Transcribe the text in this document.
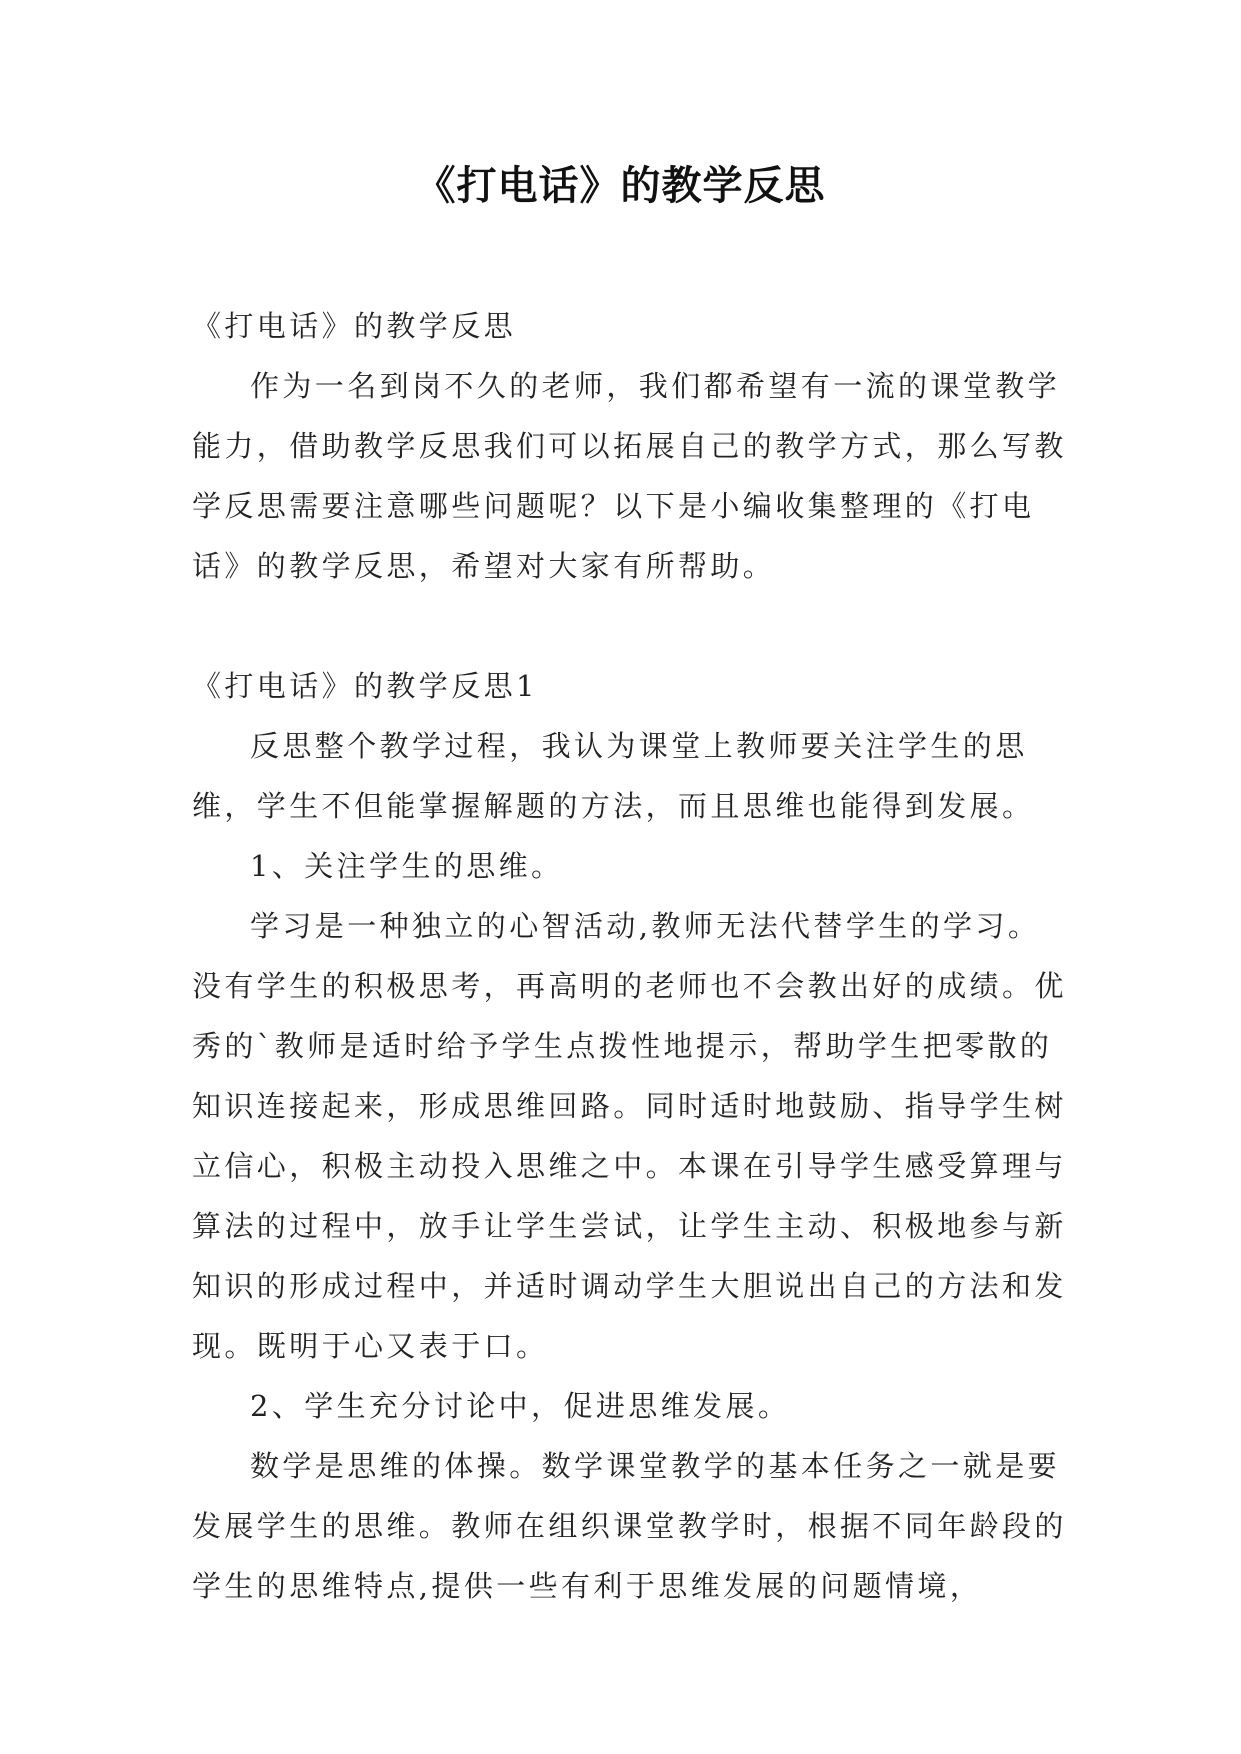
《打电话》的教学反思

《打电话》的教学反思

作为一名到岗不久的老师，我们都希望有一流的课堂教学能力，借助教学反思我们可以拓展自己的教学方式，那么写教学反思需要注意哪些问题呢？以下是小编收集整理的《打电话》的教学反思，希望对大家有所帮助。

《打电话》的教学反思1

反思整个教学过程，我认为课堂上教师要关注学生的思维，学生不但能掌握解题的方法，而且思维也能得到发展。

1、关注学生的思维。

学习是一种独立的心智活动,教师无法代替学生的学习。没有学生的积极思考，再高明的老师也不会教出好的成绩。优秀的`教师是适时给予学生点拨性地提示，帮助学生把零散的知识连接起来，形成思维回路。同时适时地鼓励、指导学生树立信心，积极主动投入思维之中。本课在引导学生感受算理与算法的过程中，放手让学生尝试，让学生主动、积极地参与新知识的形成过程中，并适时调动学生大胆说出自己的方法和发现。既明于心又表于口。

2、学生充分讨论中，促进思维发展。

数学是思维的体操。数学课堂教学的基本任务之一就是要发展学生的思维。教师在组织课堂教学时，根据不同年龄段的学生的思维特点,提供一些有利于思维发展的问题情境，
